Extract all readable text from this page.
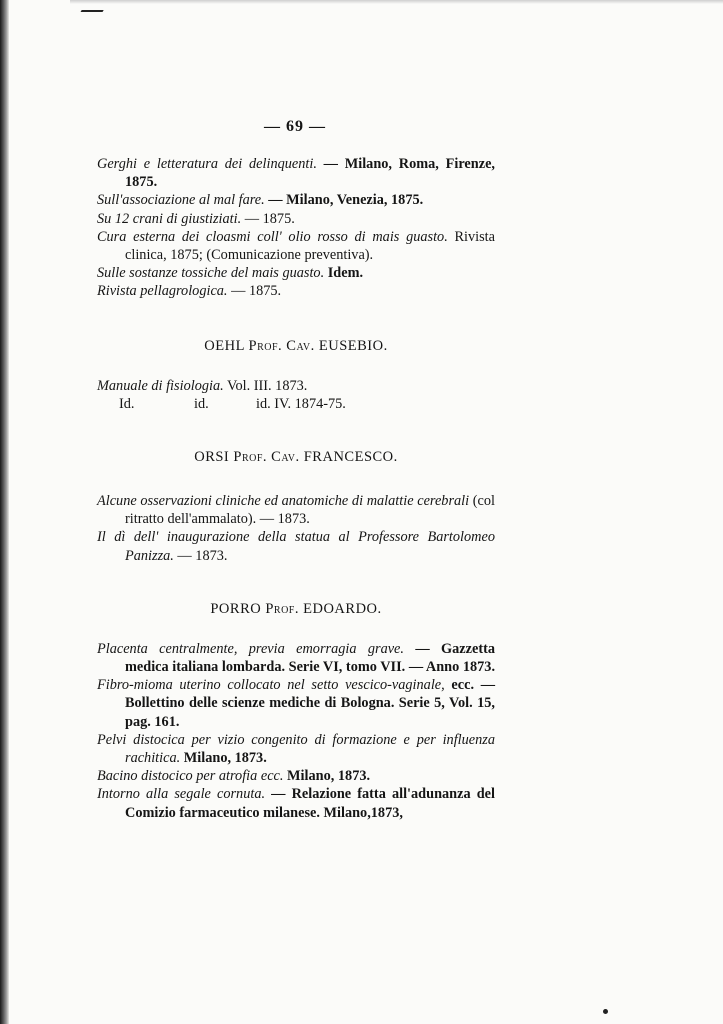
— 69 —
Gerghi e letteratura dei delinquenti. — Milano, Roma, Firenze, 1875.
Sull'associazione al mal fare. — Milano, Venezia, 1875.
Su 12 crani di giustiziati. — 1875.
Cura esterna dei cloasmi coll' olio rosso di mais guasto. Rivista clinica, 1875; (Comunicazione preventiva).
Sulle sostanze tossiche del mais guasto. Idem.
Rivista pellagrologica. — 1875.
OEHL Prof. Cav. EUSEBIO.
Manuale di fisiologia. Vol. III. 1873.
Id.	id.	id. IV. 1874-75.
ORSI Prof. Cav. FRANCESCO.
Alcune osservazioni cliniche ed anatomiche di malattie cerebrali (col ritratto dell'ammalato). — 1873.
Il dì dell' inaugurazione della statua al Professore Bartolomeo Panizza. — 1873.
PORRO Prof. EDOARDO.
Placenta centralmente, previa emorragia grave. — Gazzetta medica italiana lombarda. Serie VI, tomo VII. — Anno 1873.
Fibro-mioma uterino collocato nel setto vescico-vaginale, ecc. — Bollettino delle scienze mediche di Bologna. Serie 5, Vol. 15, pag. 161.
Pelvi distocica per vizio congenito di formazione e per influenza rachitica. Milano, 1873.
Bacino distocico per atrofia ecc. Milano, 1873.
Intorno alla segale cornuta. — Relazione fatta all'adunanza del Comizio farmaceutico milanese. Milano,1873,
